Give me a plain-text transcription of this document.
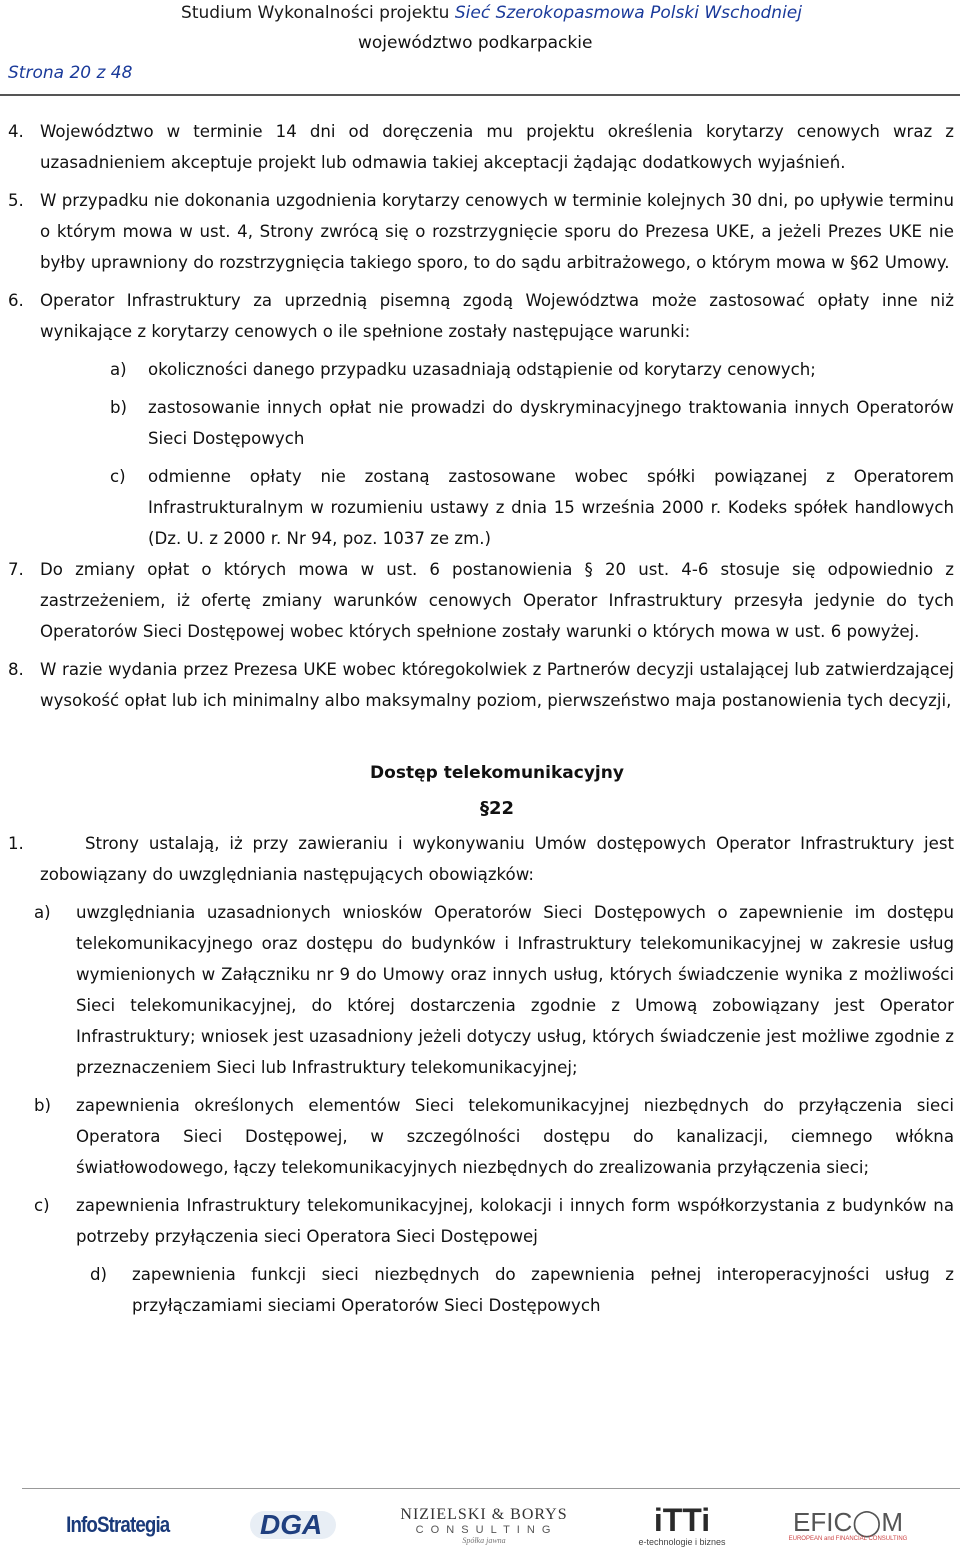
Studium Wykonalności projektu Sieć Szerokopasmowa Polski Wschodniej
województwo podkarpackie
Strona 20 z 48
4. Województwo w terminie 14 dni od doręczenia mu projektu określenia korytarzy cenowych wraz z uzasadnieniem akceptuje projekt lub odmawia takiej akceptacji żądając dodatkowych wyjaśnień.
5. W przypadku nie dokonania uzgodnienia korytarzy cenowych w terminie kolejnych 30 dni, po upływie terminu o którym mowa w ust. 4, Strony zwrócą się o rozstrzygnięcie sporu do Prezesa UKE, a jeżeli Prezes UKE nie byłby uprawniony do rozstrzygnięcia takiego sporo, to do sądu arbitrażowego, o którym mowa w §62 Umowy.
6. Operator Infrastruktury za uprzednią pisemną zgodą Województwa może zastosować opłaty inne niż wynikające z korytarzy cenowych o ile spełnione zostały następujące warunki:
a) okoliczności danego przypadku uzasadniają odstąpienie od korytarzy cenowych;
b) zastosowanie innych opłat nie prowadzi do dyskryminacyjnego traktowania innych Operatorów Sieci Dostępowych
c) odmienne opłaty nie zostaną zastosowane wobec spółki powiązanej z Operatorem Infrastrukturalnym w rozumieniu ustawy z dnia 15 września 2000 r. Kodeks spółek handlowych (Dz. U. z 2000 r. Nr 94, poz. 1037 ze zm.)
7. Do zmiany opłat o których mowa w ust. 6 postanowienia § 20 ust. 4-6 stosuje się odpowiednio z zastrzeżeniem, iż ofertę zmiany warunków cenowych Operator Infrastruktury przesyła jedynie do tych Operatorów Sieci Dostępowej wobec których spełnione zostały warunki o których mowa w ust. 6 powyżej.
8. W razie wydania przez Prezesa UKE wobec któregokolwiek z Partnerów decyzji ustalającej lub zatwierdzającej wysokość opłat lub ich minimalny albo maksymalny poziom, pierwszeństwo maja postanowienia tych decyzji,
Dostęp telekomunikacyjny
§22
1.	Strony ustalają, iż przy zawieraniu i wykonywaniu Umów dostępowych Operator Infrastruktury jest zobowiązany do uwzględniania następujących obowiązków:
a) uwzględniania uzasadnionych wniosków Operatorów Sieci Dostępowych o zapewnienie im dostępu telekomunikacyjnego oraz dostępu do budynków i Infrastruktury telekomunikacyjnej w zakresie usług wymienionych w Załączniku nr 9 do Umowy oraz innych usług, których świadczenie wynika z możliwości Sieci telekomunikacyjnej, do której dostarczenia zgodnie z Umową zobowiązany jest Operator Infrastruktury; wniosek jest uzasadniony jeżeli dotyczy usług, których świadczenie jest możliwe zgodnie z przeznaczeniem Sieci lub Infrastruktury telekomunikacyjnej;
b) zapewnienia określonych elementów Sieci telekomunikacyjnej niezbędnych do przyłączenia sieci Operatora Sieci Dostępowej, w szczególności dostępu do kanalizacji, ciemnego włókna światłowodowego, łączy telekomunikacyjnych niezbędnych do zrealizowania przyłączenia sieci;
c) zapewnienia Infrastruktury telekomunikacyjnej, kolokacji i innych form współkorzystania z budynków na potrzeby przyłączenia sieci Operatora Sieci Dostępowej
d) zapewnienia funkcji sieci niezbędnych do zapewnienia pełnej interoperacyjności usług z przyłączamiami sieciami Operatorów Sieci Dostępowych
InfoStrategia	DGA	NIZIELSKI & BORYS
C O N S U L T I N G
Spółka jawna
iTTi
e-technologie i biznes
EFIC◯M
EUROPEAN and FINANCIAL CONSULTING
